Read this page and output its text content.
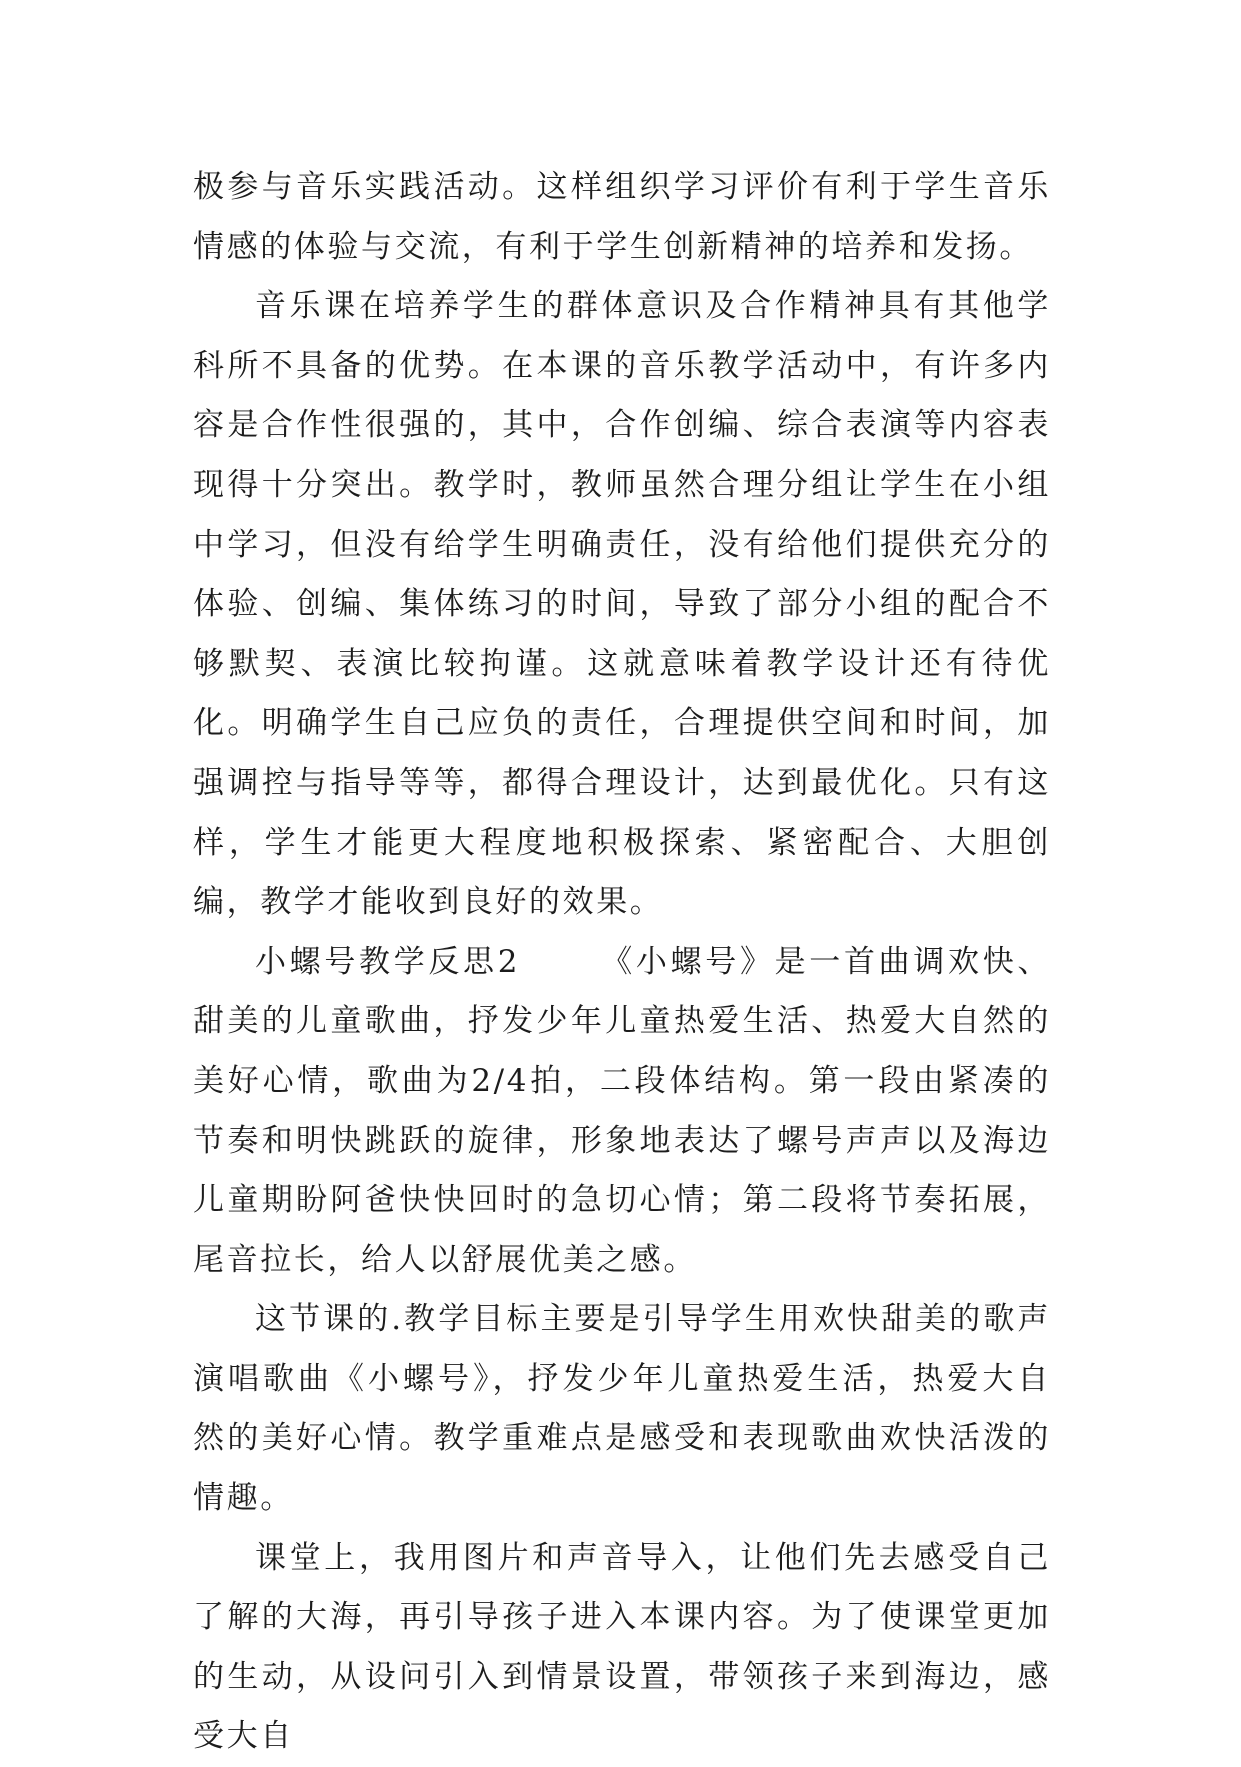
极参与音乐实践活动。这样组织学习评价有利于学生音乐情感的体验与交流，有利于学生创新精神的培养和发扬。

音乐课在培养学生的群体意识及合作精神具有其他学科所不具备的优势。在本课的音乐教学活动中，有许多内容是合作性很强的，其中，合作创编、综合表演等内容表现得十分突出。教学时，教师虽然合理分组让学生在小组中学习，但没有给学生明确责任，没有给他们提供充分的体验、创编、集体练习的时间，导致了部分小组的配合不够默契、表演比较拘谨。这就意味着教学设计还有待优化。明确学生自己应负的责任，合理提供空间和时间，加强调控与指导等等，都得合理设计，达到最优化。只有这样，学生才能更大程度地积极探索、紧密配合、大胆创编，教学才能收到良好的效果。

小螺号教学反思2	《小螺号》是一首曲调欢快、甜美的儿童歌曲，抒发少年儿童热爱生活、热爱大自然的美好心情，歌曲为2/4拍，二段体结构。第一段由紧凑的节奏和明快跳跃的旋律，形象地表达了螺号声声以及海边儿童期盼阿爸快快回时的急切心情；第二段将节奏拓展，尾音拉长，给人以舒展优美之感。

这节课的.教学目标主要是引导学生用欢快甜美的歌声演唱歌曲《小螺号》，抒发少年儿童热爱生活，热爱大自然的美好心情。教学重难点是感受和表现歌曲欢快活泼的情趣。

课堂上，我用图片和声音导入，让他们先去感受自己了解的大海，再引导孩子进入本课内容。为了使课堂更加的生动，从设问引入到情景设置，带领孩子来到海边，感受大自
